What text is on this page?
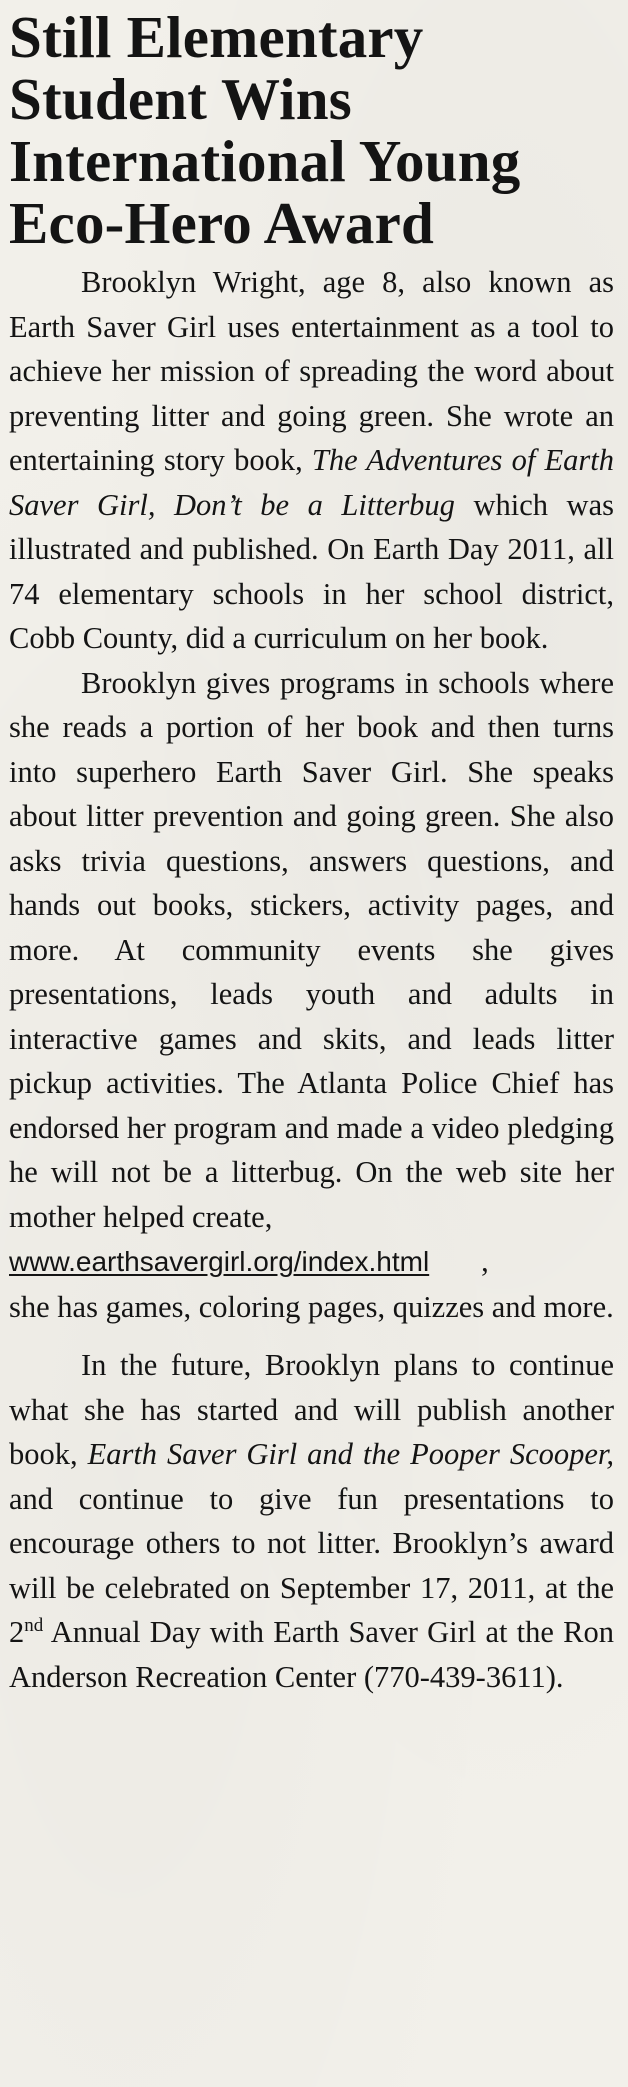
Still Elementary
Student Wins
International Young
Eco-Hero Award

Brooklyn Wright, age 8, also known as Earth Saver Girl uses entertainment as a tool to achieve her mission of spreading the word about preventing litter and going green. She wrote an entertaining story book, The Adventures of Earth Saver Girl, Don’t be a Litterbug which was illustrated and published. On Earth Day 2011, all 74 elementary schools in her school district, Cobb County, did a curriculum on her book.

Brooklyn gives programs in schools where she reads a portion of her book and then turns into superhero Earth Saver Girl. She speaks about litter prevention and going green. She also asks trivia questions, answers questions, and hands out books, stickers, activity pages, and more. At community events she gives presentations, leads youth and adults in interactive games and skits, and leads litter pickup activities. The Atlanta Police Chief has endorsed her program and made a video pledging he will not be a litterbug. On the web site her mother helped create,

www.earthsavergirl.org/index.html ,

she has games, coloring pages, quizzes and more.

In the future, Brooklyn plans to continue what she has started and will publish another book, Earth Saver Girl and the Pooper Scooper, and continue to give fun presentations to encourage others to not litter. Brooklyn’s award will be celebrated on September 17, 2011, at the 2nd Annual Day with Earth Saver Girl at the Ron Anderson Recreation Center (770-439-3611).
